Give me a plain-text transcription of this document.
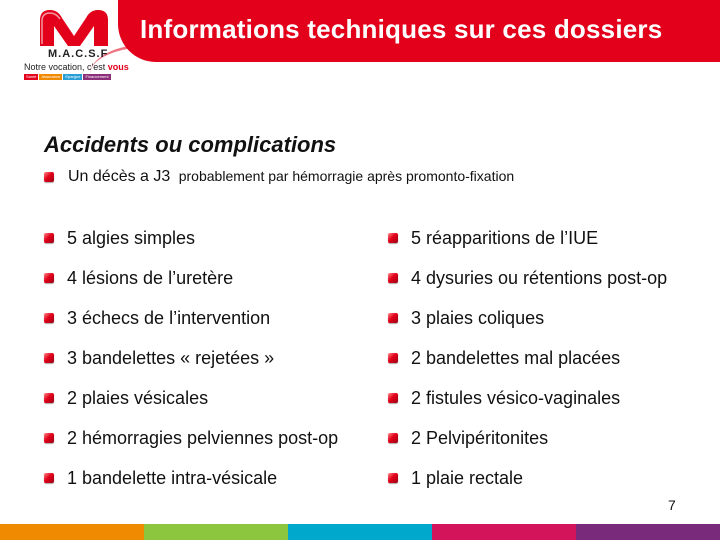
Informations techniques sur ces dossiers
M.A.C.S.F
Notre vocation, c'est vous
Santé	Assurance	Epargne	Financement
Accidents ou complications
Un décès a J3 probablement par hémorragie après promonto-fixation
5 algies simples
4 lésions de l’uretère
3 échecs de l’intervention
3 bandelettes « rejetées »
2 plaies vésicales
2 hémorragies pelviennes post-op
1 bandelette intra-vésicale
5 réapparitions de l’IUE
4 dysuries ou rétentions post-op
3 plaies coliques
2 bandelettes mal placées
2 fistules vésico-vaginales
2 Pelvipéritonites
1 plaie rectale
7
